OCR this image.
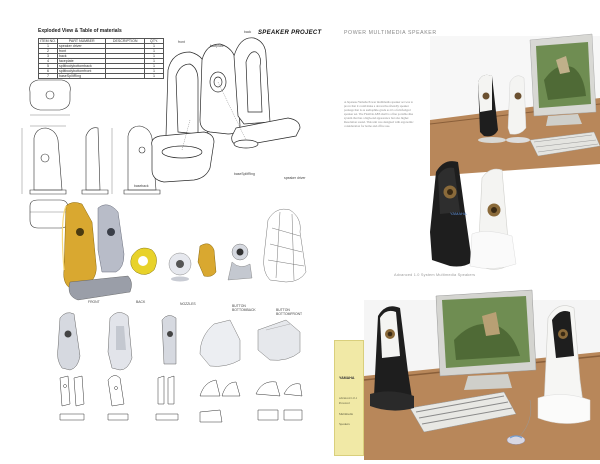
Exploded View & Table of materials	SPEAKER PROJECT
ITEM NO.	PART NUMBER	DESCRIPTION	QTY.
1	speaker driver		1
2	front		1
3	back		1
4	faceplate		1
5	splitbodybottomback		1
6	splitbodybottomfront		1
7	baseSplitRing		1
faceplate
front
back
speaker driver
baseback
baseSplitRing
FRONT	BACK	NOZZLES	BUTTON BOTTOMBACK	BUTTON BOTTOMFRONT
POWER MULTIMEDIA SPEAKER
A Japanese Yamaha Power multimedia speaker set was to prove that it could make a decorative-friendly speaker package that is as audiophile-grade as it's a full-fledged speaker set. The Flexible ABS shell is a fine portable-like system that has a high-end appearance but also higher Resolution sound. This unit was designed with ergonomic consideration for home and office use.
Advanced 1.0 System Multimedia Speakers
YAMAHA
YAMAHA
advanced 1.0.1
Powered
Multimedia
Speakers
